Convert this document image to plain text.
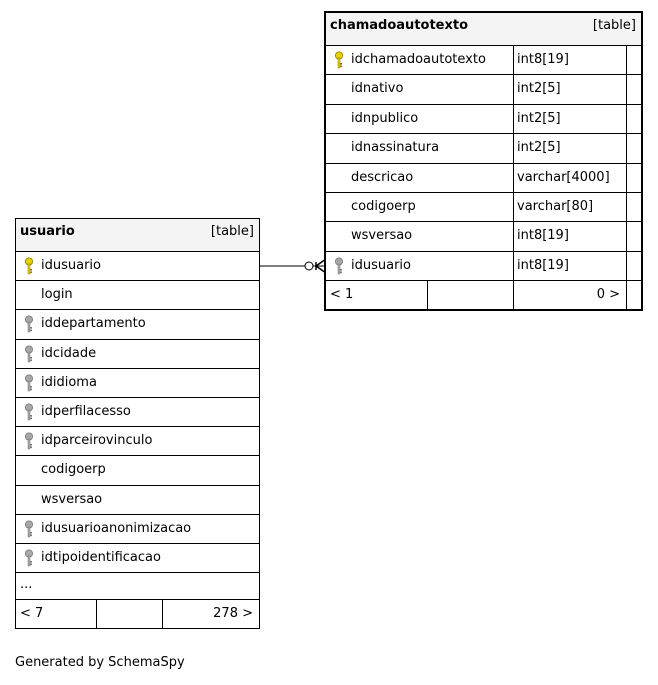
usuario	[table]
idusuario
login
iddepartamento
idcidade
ididioma
idperfilacesso
idparceirovinculo
codigoerp
wsversao
idusuarioanonimizacao
idtipoidentificacao
...
< 7	278 >
chamadoautotexto	[table]
idchamadoautotexto int8[19]
idnativo	int2[5]
idnpublico	int2[5]
idnassinatura	int2[5]
descricao	varchar[4000]
codigoerp	varchar[80]
wsversao	int8[19]
idusuario	int8[19]
< 1	0 >
Generated by SchemaSpy
